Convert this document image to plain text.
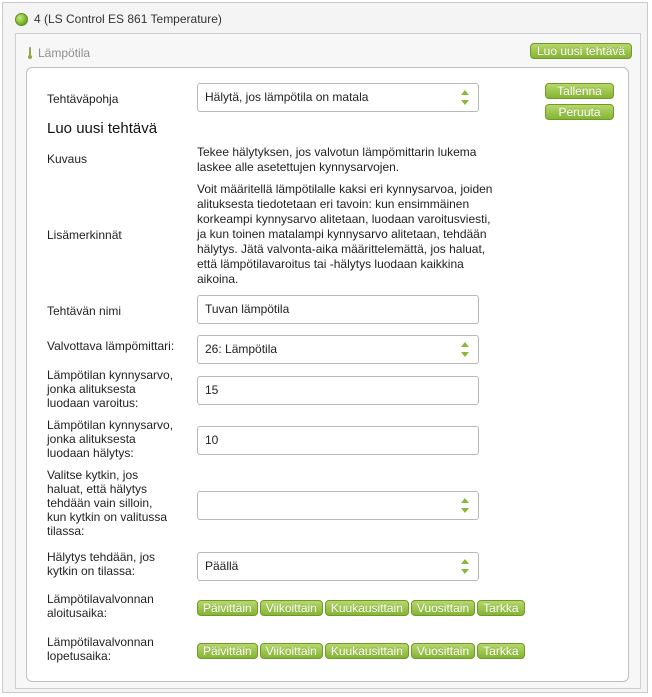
4 (LS Control ES 861 Temperature)
Lämpötila	Luo uusi tehtävä
Tehtäväpohja	Hälytä, jos lämpötila on matala	Tallenna
Peruuta
Luo uusi tehtävä
Kuvaus	Tekee hälytyksen, jos valvotun lämpömittarin lukema
laskee alle asetettujen kynnysarvojen.
Lisämerkinnät
Voit määritellä lämpötilalle kaksi eri kynnysarvoa, joiden
alituksesta tiedotetaan eri tavoin: kun ensimmäinen
korkeampi kynnysarvo alitetaan, luodaan varoitusviesti,
ja kun toinen matalampi kynnysarvo alitetaan, tehdään
hälytys. Jätä valvonta-aika määrittelemättä, jos haluat,
että lämpötilavaroitus tai -hälytys luodaan kaikkina
aikoina.
Tehtävän nimi	Tuvan lämpötila
Valvottava lämpömittari:	26: Lämpötila
Lämpötilan kynnysarvo,
jonka alituksesta
luodaan varoitus:
15
Lämpötilan kynnysarvo,
jonka alituksesta
luodaan hälytys:
10
Valitse kytkin, jos
haluat, että hälytys
tehdään vain silloin,
kun kytkin on valitussa
tilassa:
Hälytys tehdään, jos
kytkin on tilassa:	Päällä
Lämpötilavalvonnan
aloitusaika:	Päivittäin	Viikoittain	Kuukausittain	Vuosittain	Tarkka
Lämpötilavalvonnan
lopetusaika:	Päivittäin	Viikoittain	Kuukausittain	Vuosittain	Tarkka
